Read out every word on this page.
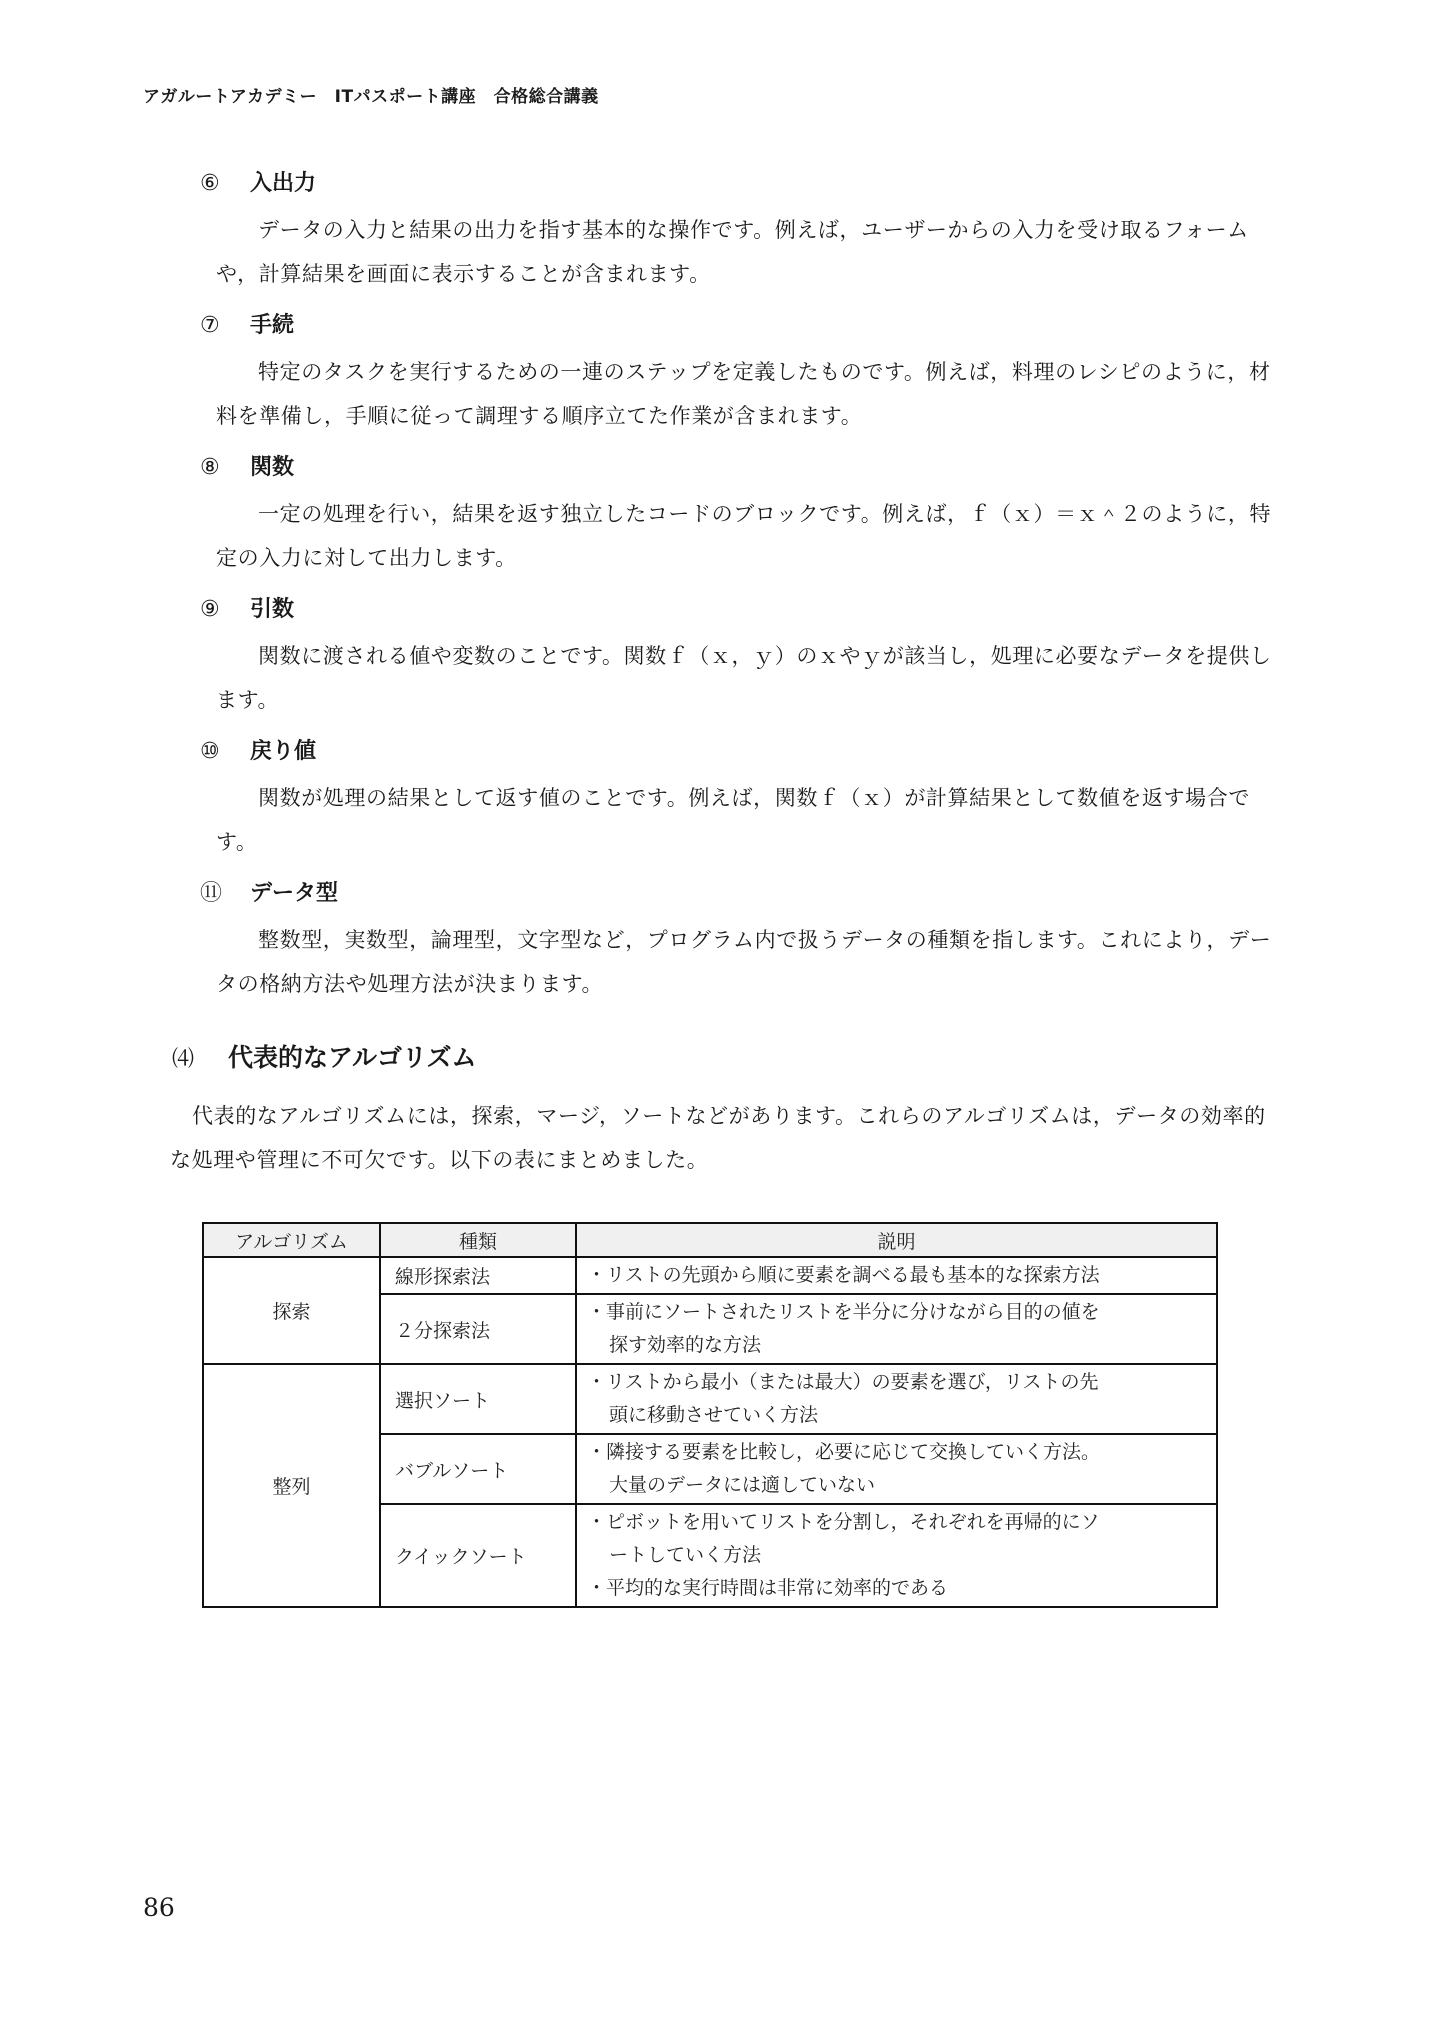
アガルートアカデミー　ITパスポート講座　合格総合講義
⑥ 入出力
データの入力と結果の出力を指す基本的な操作です。例えば，ユーザーからの入力を受け取るフォームや，計算結果を画面に表示することが含まれます。
⑦ 手続
特定のタスクを実行するための一連のステップを定義したものです。例えば，料理のレシピのように，材料を準備し，手順に従って調理する順序立てた作業が含まれます。
⑧ 関数
一定の処理を行い，結果を返す独立したコードのブロックです。例えば，ｆ（ｘ）＝ｘ＾２のように，特定の入力に対して出力します。
⑨ 引数
関数に渡される値や変数のことです。関数ｆ（ｘ，ｙ）のｘやｙが該当し，処理に必要なデータを提供します。
⑩ 戻り値
関数が処理の結果として返す値のことです。例えば，関数ｆ（ｘ）が計算結果として数値を返す場合です。
⑪ データ型
整数型，実数型，論理型，文字型など，プログラム内で扱うデータの種類を指します。これにより，データの格納方法や処理方法が決まります。
⑷ 代表的なアルゴリズム
代表的なアルゴリズムには，探索，マージ，ソートなどがあります。これらのアルゴリズムは，データの効率的な処理や管理に不可欠です。以下の表にまとめました。
アルゴリズム	種類	説明
探索	線形探索法	・リストの先頭から順に要素を調べる最も基本的な探索方法

	２分探索法	・事前にソートされたリストを半分に分けながら目的の値を
探す効率的な方法

整列	選択ソート	・リストから最小（または最大）の要素を選び，リストの先
頭に移動させていく方法

	バブルソート	・隣接する要素を比較し，必要に応じて交換していく方法。
大量のデータには適していない

	クイックソート	・ピボットを用いてリストを分割し，それぞれを再帰的にソ
ートしていく方法
・平均的な実行時間は非常に効率的である
86
